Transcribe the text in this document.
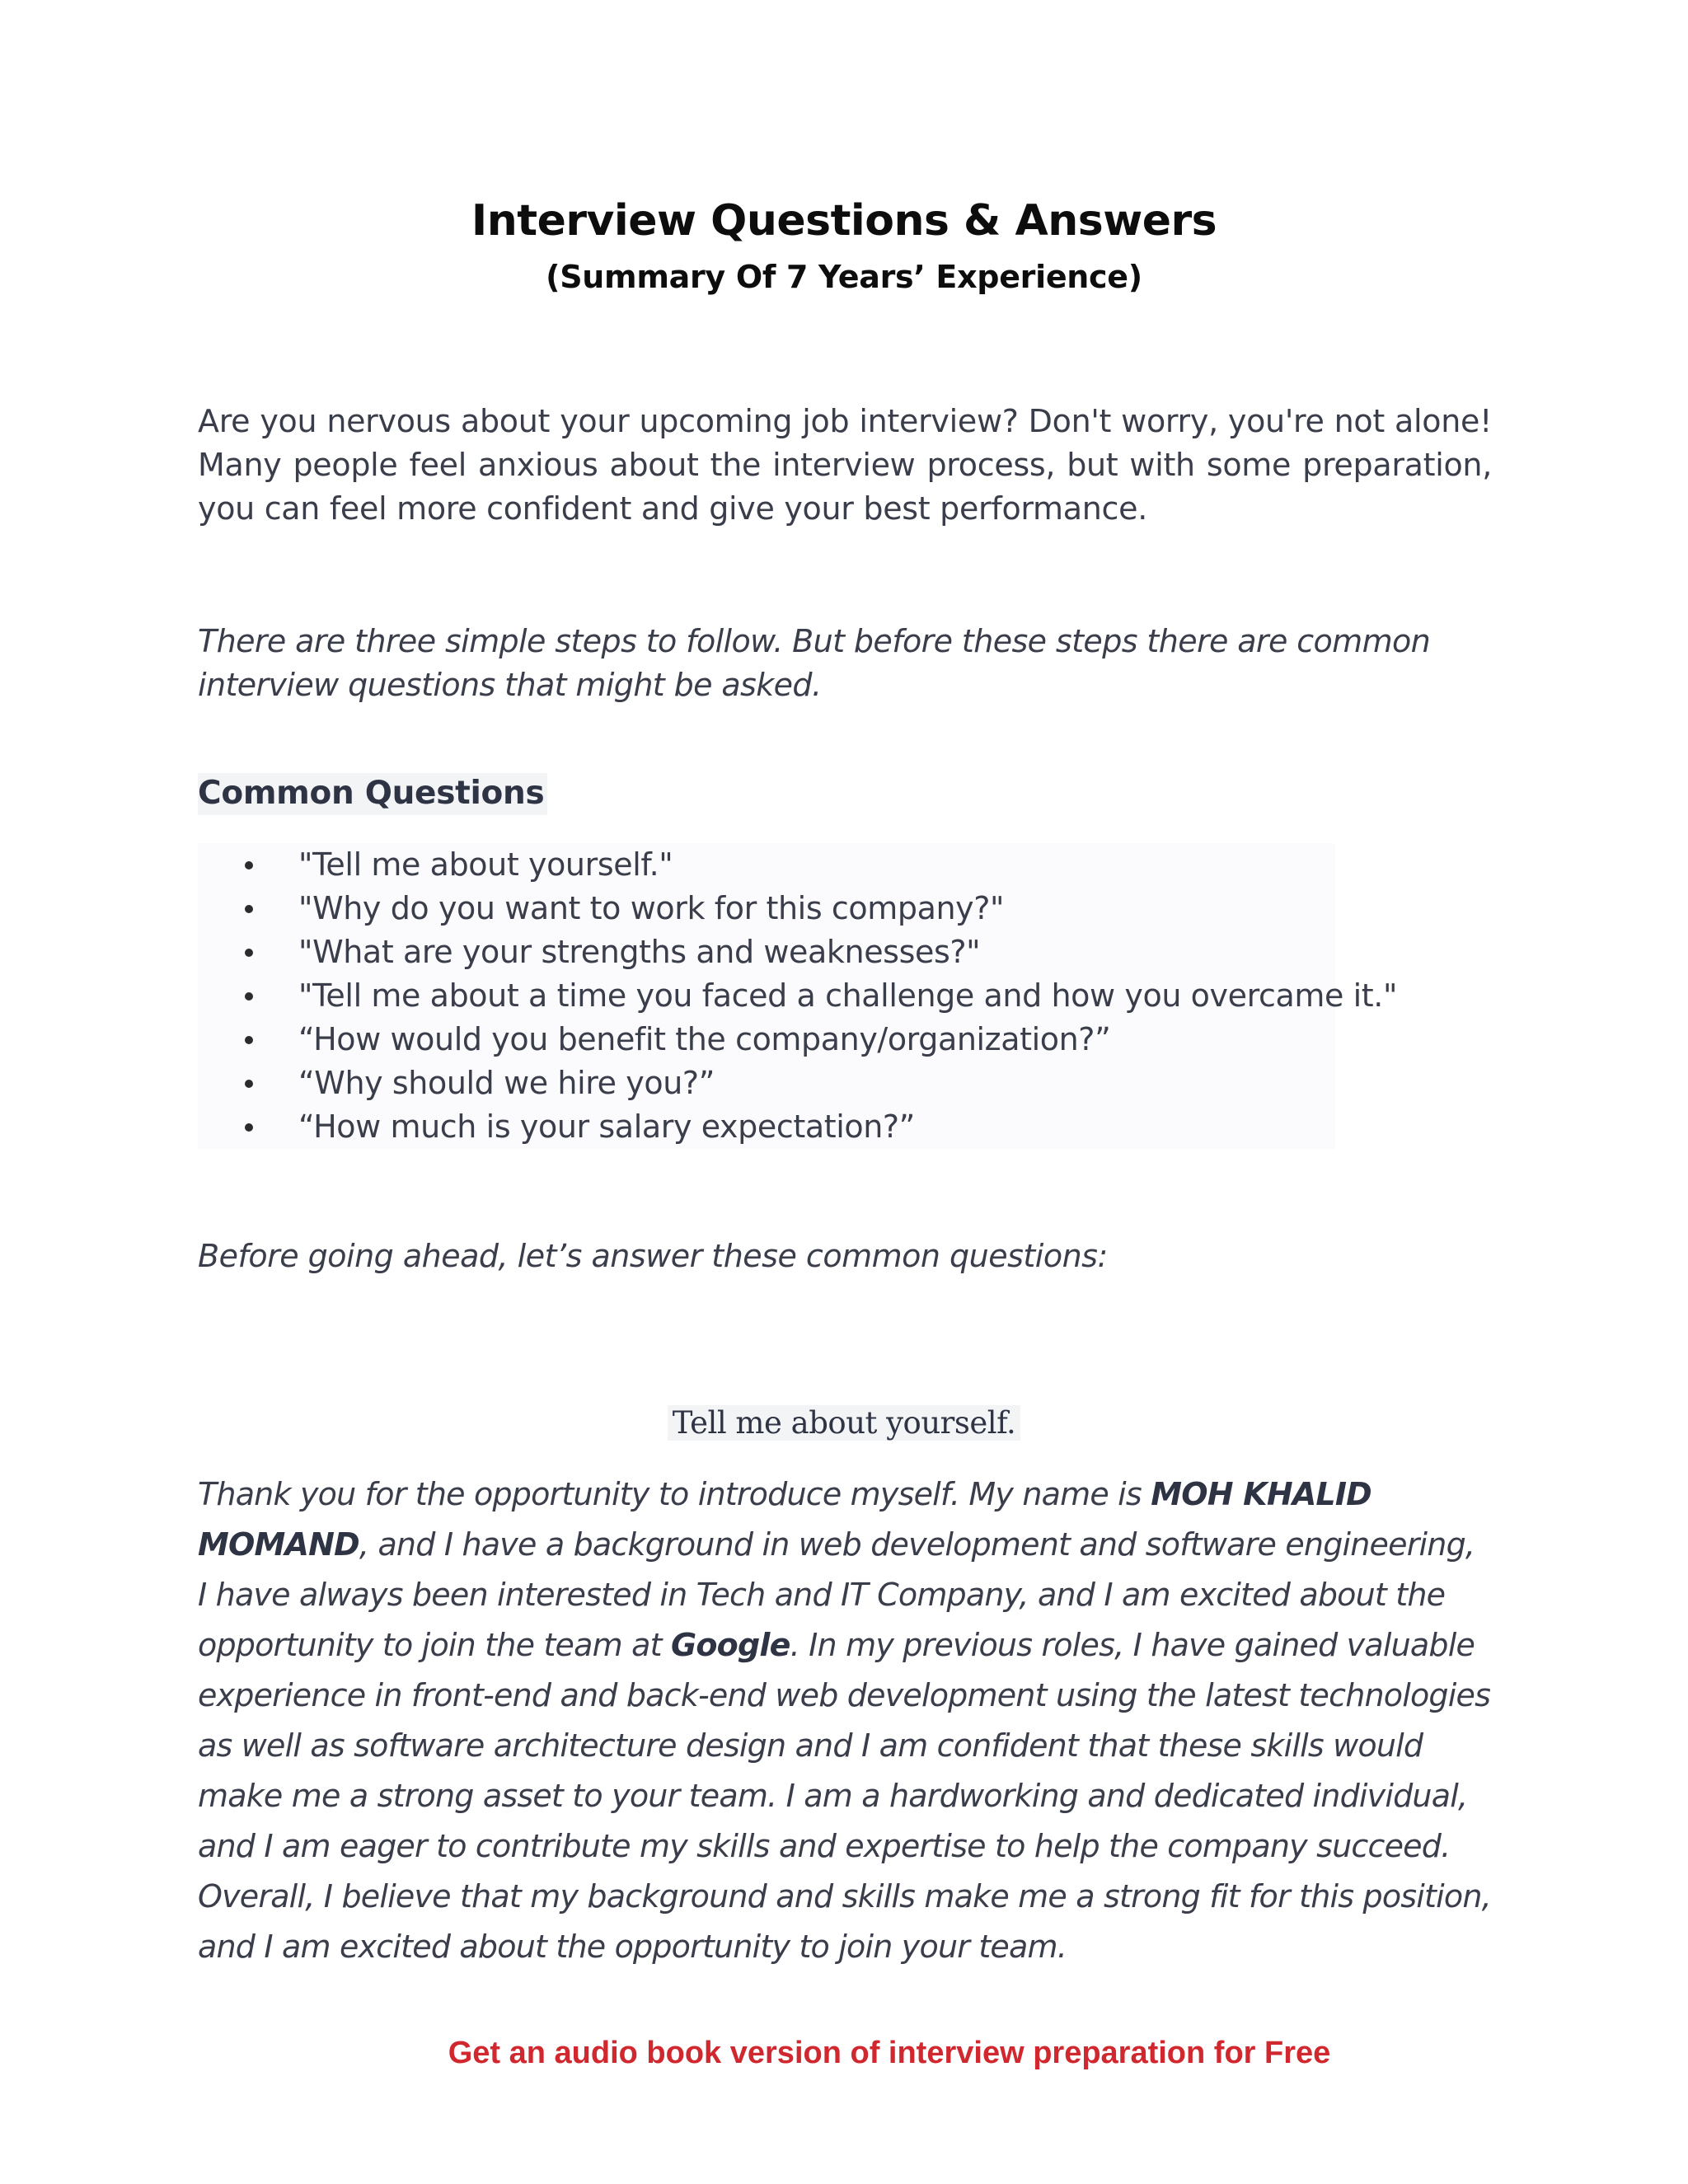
Interview Questions & Answers
(Summary Of 7 Years’ Experience)

Are you nervous about your upcoming job interview? Don't worry, you're not alone! Many people feel anxious about the interview process, but with some preparation, you can feel more confident and give your best performance.

There are three simple steps to follow. But before these steps there are common interview questions that might be asked.

Common Questions
"Tell me about yourself."
"Why do you want to work for this company?"
"What are your strengths and weaknesses?"
"Tell me about a time you faced a challenge and how you overcame it."
“How would you benefit the company/organization?”
“Why should we hire you?”
“How much is your salary expectation?”

Before going ahead, let’s answer these common questions:

Tell me about yourself.

Thank you for the opportunity to introduce myself. My name is MOH KHALID MOMAND, and I have a background in web development and software engineering, I have always been interested in Tech and IT Company, and I am excited about the opportunity to join the team at Google. In my previous roles, I have gained valuable experience in front-end and back-end web development using the latest technologies as well as software architecture design and I am confident that these skills would make me a strong asset to your team. I am a hardworking and dedicated individual, and I am eager to contribute my skills and expertise to help the company succeed. Overall, I believe that my background and skills make me a strong fit for this position, and I am excited about the opportunity to join your team.

Get an audio book version of interview preparation for Free
